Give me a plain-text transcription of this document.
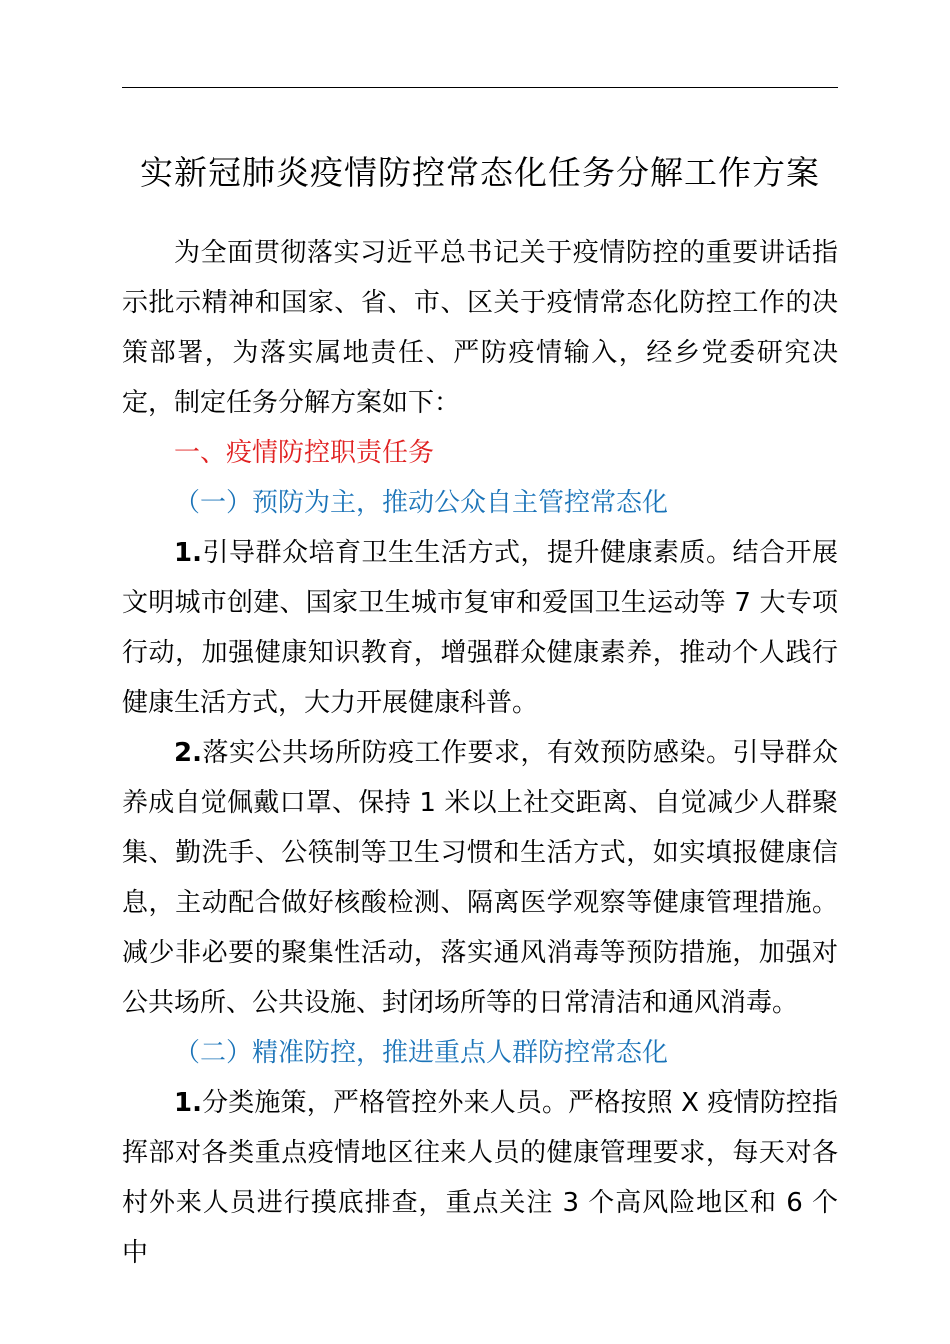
实新冠肺炎疫情防控常态化任务分解工作方案

为全面贯彻落实习近平总书记关于疫情防控的重要讲话指示批示精神和国家、省、市、区关于疫情常态化防控工作的决策部署，为落实属地责任、严防疫情输入，经乡党委研究决定，制定任务分解方案如下：

一、疫情防控职责任务

（一）预防为主，推动公众自主管控常态化

1.引导群众培育卫生生活方式，提升健康素质。结合开展文明城市创建、国家卫生城市复审和爱国卫生运动等 7 大专项行动，加强健康知识教育，增强群众健康素养，推动个人践行健康生活方式，大力开展健康科普。

2.落实公共场所防疫工作要求，有效预防感染。引导群众养成自觉佩戴口罩、保持 1 米以上社交距离、自觉减少人群聚集、勤洗手、公筷制等卫生习惯和生活方式，如实填报健康信息，主动配合做好核酸检测、隔离医学观察等健康管理措施。减少非必要的聚集性活动，落实通风消毒等预防措施，加强对公共场所、公共设施、封闭场所等的日常清洁和通风消毒。

（二）精准防控，推进重点人群防控常态化

1.分类施策，严格管控外来人员。严格按照 X 疫情防控指挥部对各类重点疫情地区往来人员的健康管理要求，每天对各村外来人员进行摸底排查，重点关注 3 个高风险地区和 6 个中
